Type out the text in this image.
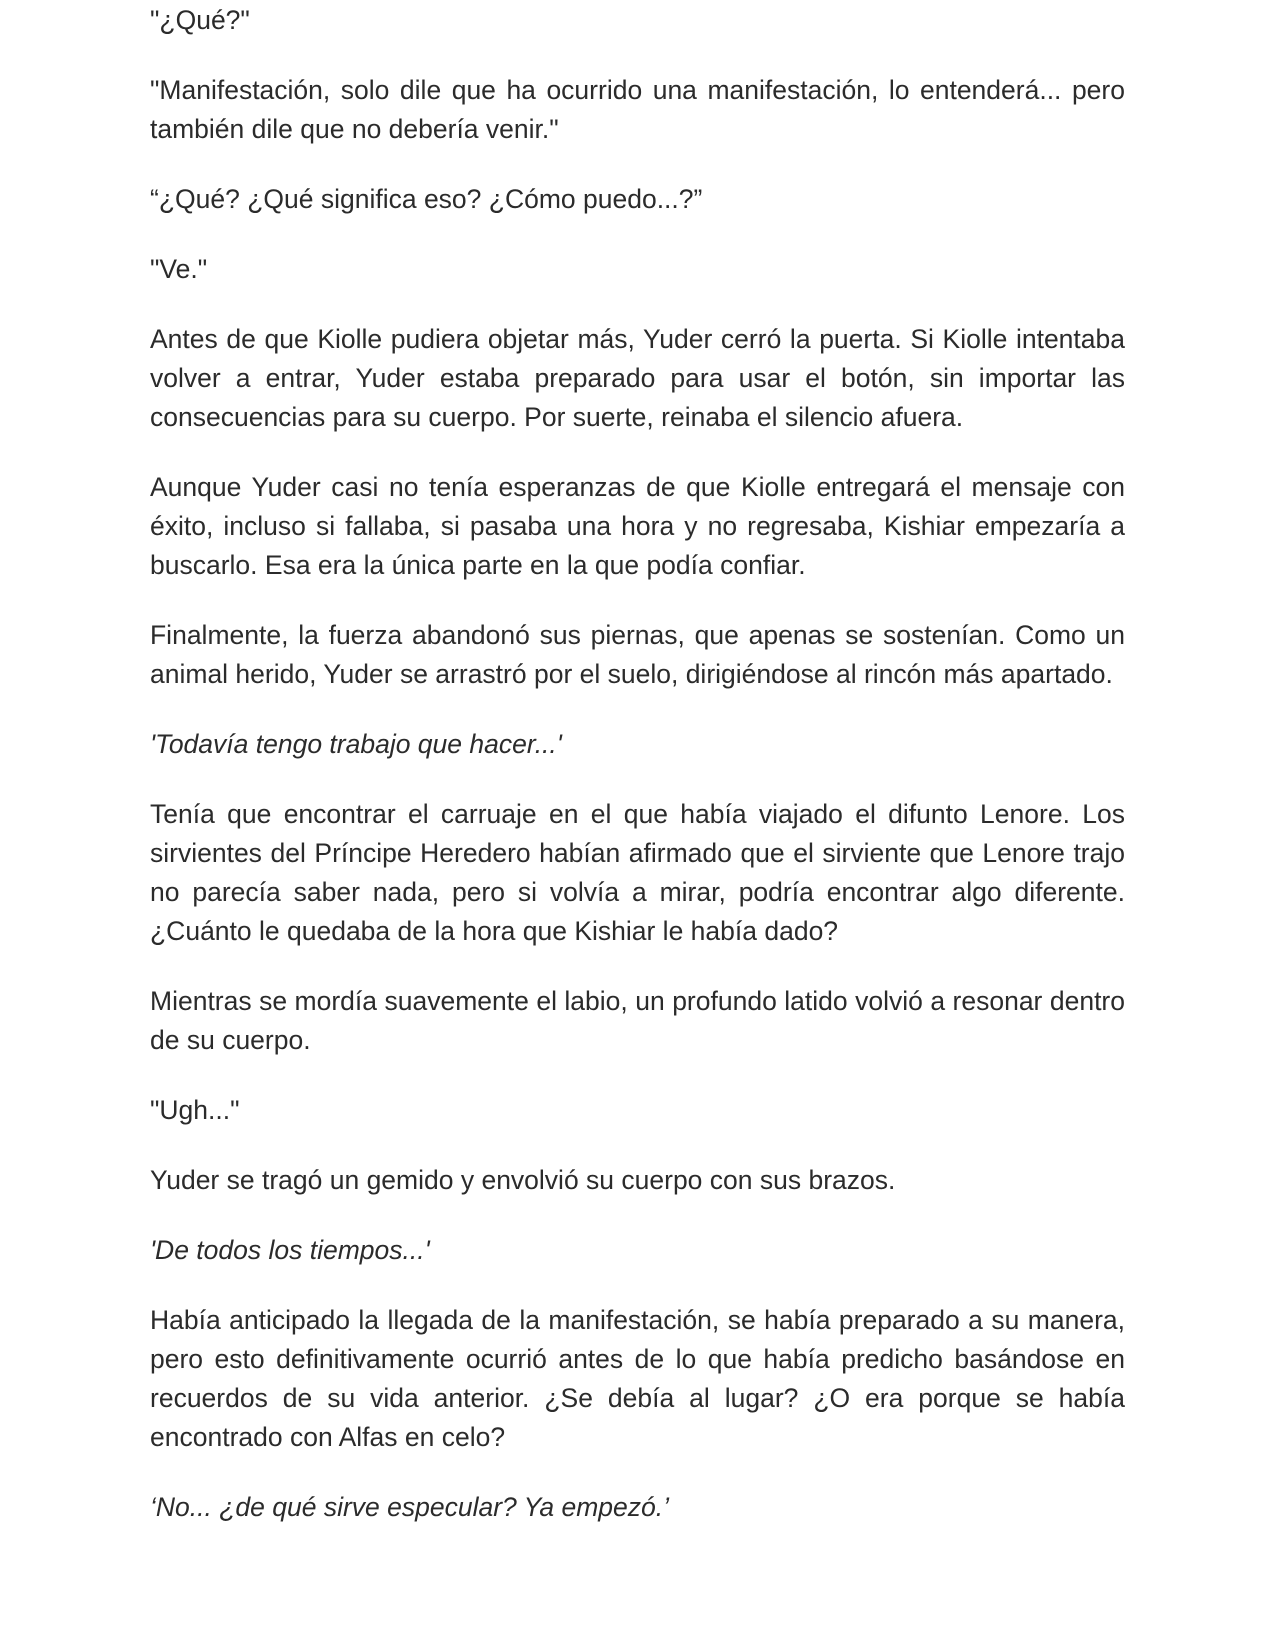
"¿Qué?"

"Manifestación, solo dile que ha ocurrido una manifestación, lo entenderá... pero también dile que no debería venir."

“¿Qué? ¿Qué significa eso? ¿Cómo puedo...?”

"Ve."

Antes de que Kiolle pudiera objetar más, Yuder cerró la puerta. Si Kiolle intentaba volver a entrar, Yuder estaba preparado para usar el botón, sin importar las consecuencias para su cuerpo. Por suerte, reinaba el silencio afuera.

Aunque Yuder casi no tenía esperanzas de que Kiolle entregará el mensaje con éxito, incluso si fallaba, si pasaba una hora y no regresaba, Kishiar empezaría a buscarlo. Esa era la única parte en la que podía confiar.

Finalmente, la fuerza abandonó sus piernas, que apenas se sostenían. Como un animal herido, Yuder se arrastró por el suelo, dirigiéndose al rincón más apartado.

'Todavía tengo trabajo que hacer...'

Tenía que encontrar el carruaje en el que había viajado el difunto Lenore. Los sirvientes del Príncipe Heredero habían afirmado que el sirviente que Lenore trajo no parecía saber nada, pero si volvía a mirar, podría encontrar algo diferente. ¿Cuánto le quedaba de la hora que Kishiar le había dado?

Mientras se mordía suavemente el labio, un profundo latido volvió a resonar dentro de su cuerpo.

"Ugh..."

Yuder se tragó un gemido y envolvió su cuerpo con sus brazos.

'De todos los tiempos...'

Había anticipado la llegada de la manifestación, se había preparado a su manera, pero esto definitivamente ocurrió antes de lo que había predicho basándose en recuerdos de su vida anterior. ¿Se debía al lugar? ¿O era porque se había encontrado con Alfas en celo?

‘No... ¿de qué sirve especular? Ya empezó.’
